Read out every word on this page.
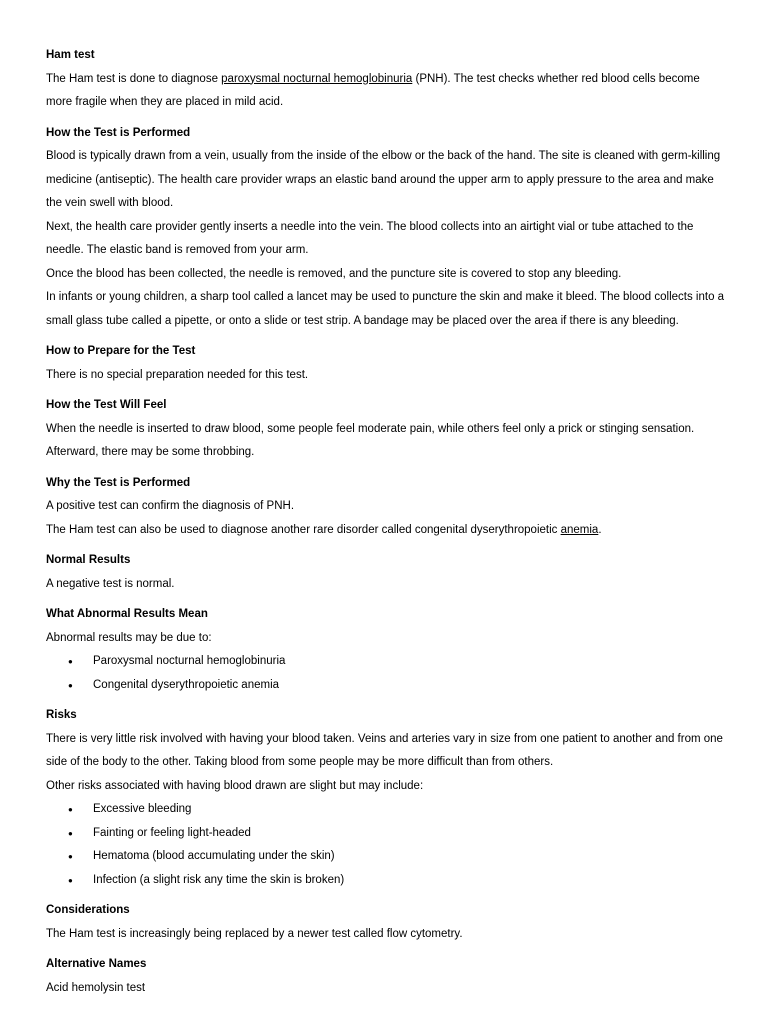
Ham test
The Ham test is done to diagnose paroxysmal nocturnal hemoglobinuria (PNH). The test checks whether red blood cells become more fragile when they are placed in mild acid.
How the Test is Performed
Blood is typically drawn from a vein, usually from the inside of the elbow or the back of the hand. The site is cleaned with germ-killing medicine (antiseptic). The health care provider wraps an elastic band around the upper arm to apply pressure to the area and make the vein swell with blood.
Next, the health care provider gently inserts a needle into the vein. The blood collects into an airtight vial or tube attached to the needle. The elastic band is removed from your arm.
Once the blood has been collected, the needle is removed, and the puncture site is covered to stop any bleeding.
In infants or young children, a sharp tool called a lancet may be used to puncture the skin and make it bleed. The blood collects into a small glass tube called a pipette, or onto a slide or test strip. A bandage may be placed over the area if there is any bleeding.
How to Prepare for the Test
There is no special preparation needed for this test.
How the Test Will Feel
When the needle is inserted to draw blood, some people feel moderate pain, while others feel only a prick or stinging sensation. Afterward, there may be some throbbing.
Why the Test is Performed
A positive test can confirm the diagnosis of PNH.
The Ham test can also be used to diagnose another rare disorder called congenital dyserythropoietic anemia.
Normal Results
A negative test is normal.
What Abnormal Results Mean
Abnormal results may be due to:
● Paroxysmal nocturnal hemoglobinuria
● Congenital dyserythropoietic anemia
Risks
There is very little risk involved with having your blood taken. Veins and arteries vary in size from one patient to another and from one side of the body to the other. Taking blood from some people may be more difficult than from others.
Other risks associated with having blood drawn are slight but may include:
● Excessive bleeding
● Fainting or feeling light-headed
● Hematoma (blood accumulating under the skin)
● Infection (a slight risk any time the skin is broken)
Considerations
The Ham test is increasingly being replaced by a newer test called flow cytometry.
Alternative Names
Acid hemolysin test
